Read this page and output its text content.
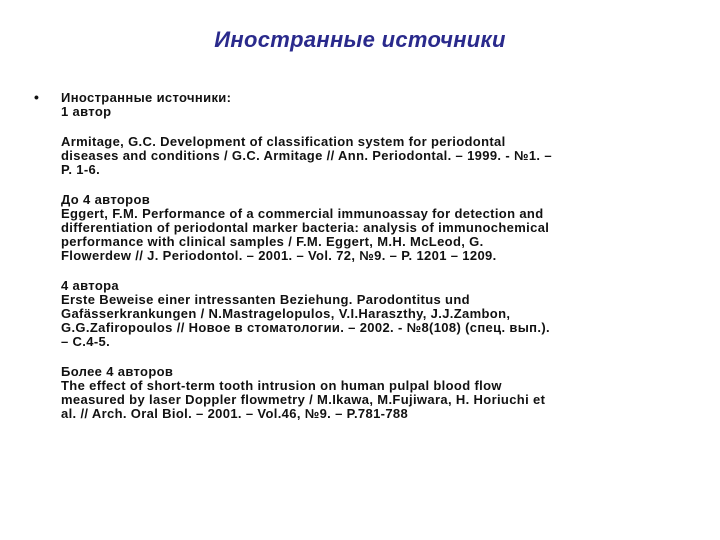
Иностранные источники
• Иностранные источники:
1 автор
Armitage, G.C. Development of classification system for periodontal
diseases and conditions / G.C. Armitage // Ann. Periodontal. – 1999. - №1. –
P. 1-6.
До 4 авторов
Eggert, F.M. Performance of a commercial immunoassay for detection and
differentiation of periodontal marker bacteria: analysis of immunochemical
performance with clinical samples / F.M. Eggert, M.H. McLeod, G.
Flowerdew // J. Periodontol. – 2001. – Vol. 72, №9. – P. 1201 – 1209.
4 автора
Erste Beweise einer intressanten Beziehung. Parodontitus und
Gafässerkrankungen / N.Mastragelopulos, V.I.Haraszthy, J.J.Zambon,
G.G.Zafiropoulos // Новое в стоматологии. – 2002. - №8(108) (спец. вып.).
– С.4-5.
Более 4 авторов
The effect of short-term tooth intrusion on human pulpal blood flow
measured by laser Doppler flowmetry / M.Ikawa, M.Fujiwara, H. Horiuchi et
al. // Arch. Oral Biol. – 2001. – Vol.46, №9. – P.781-788
